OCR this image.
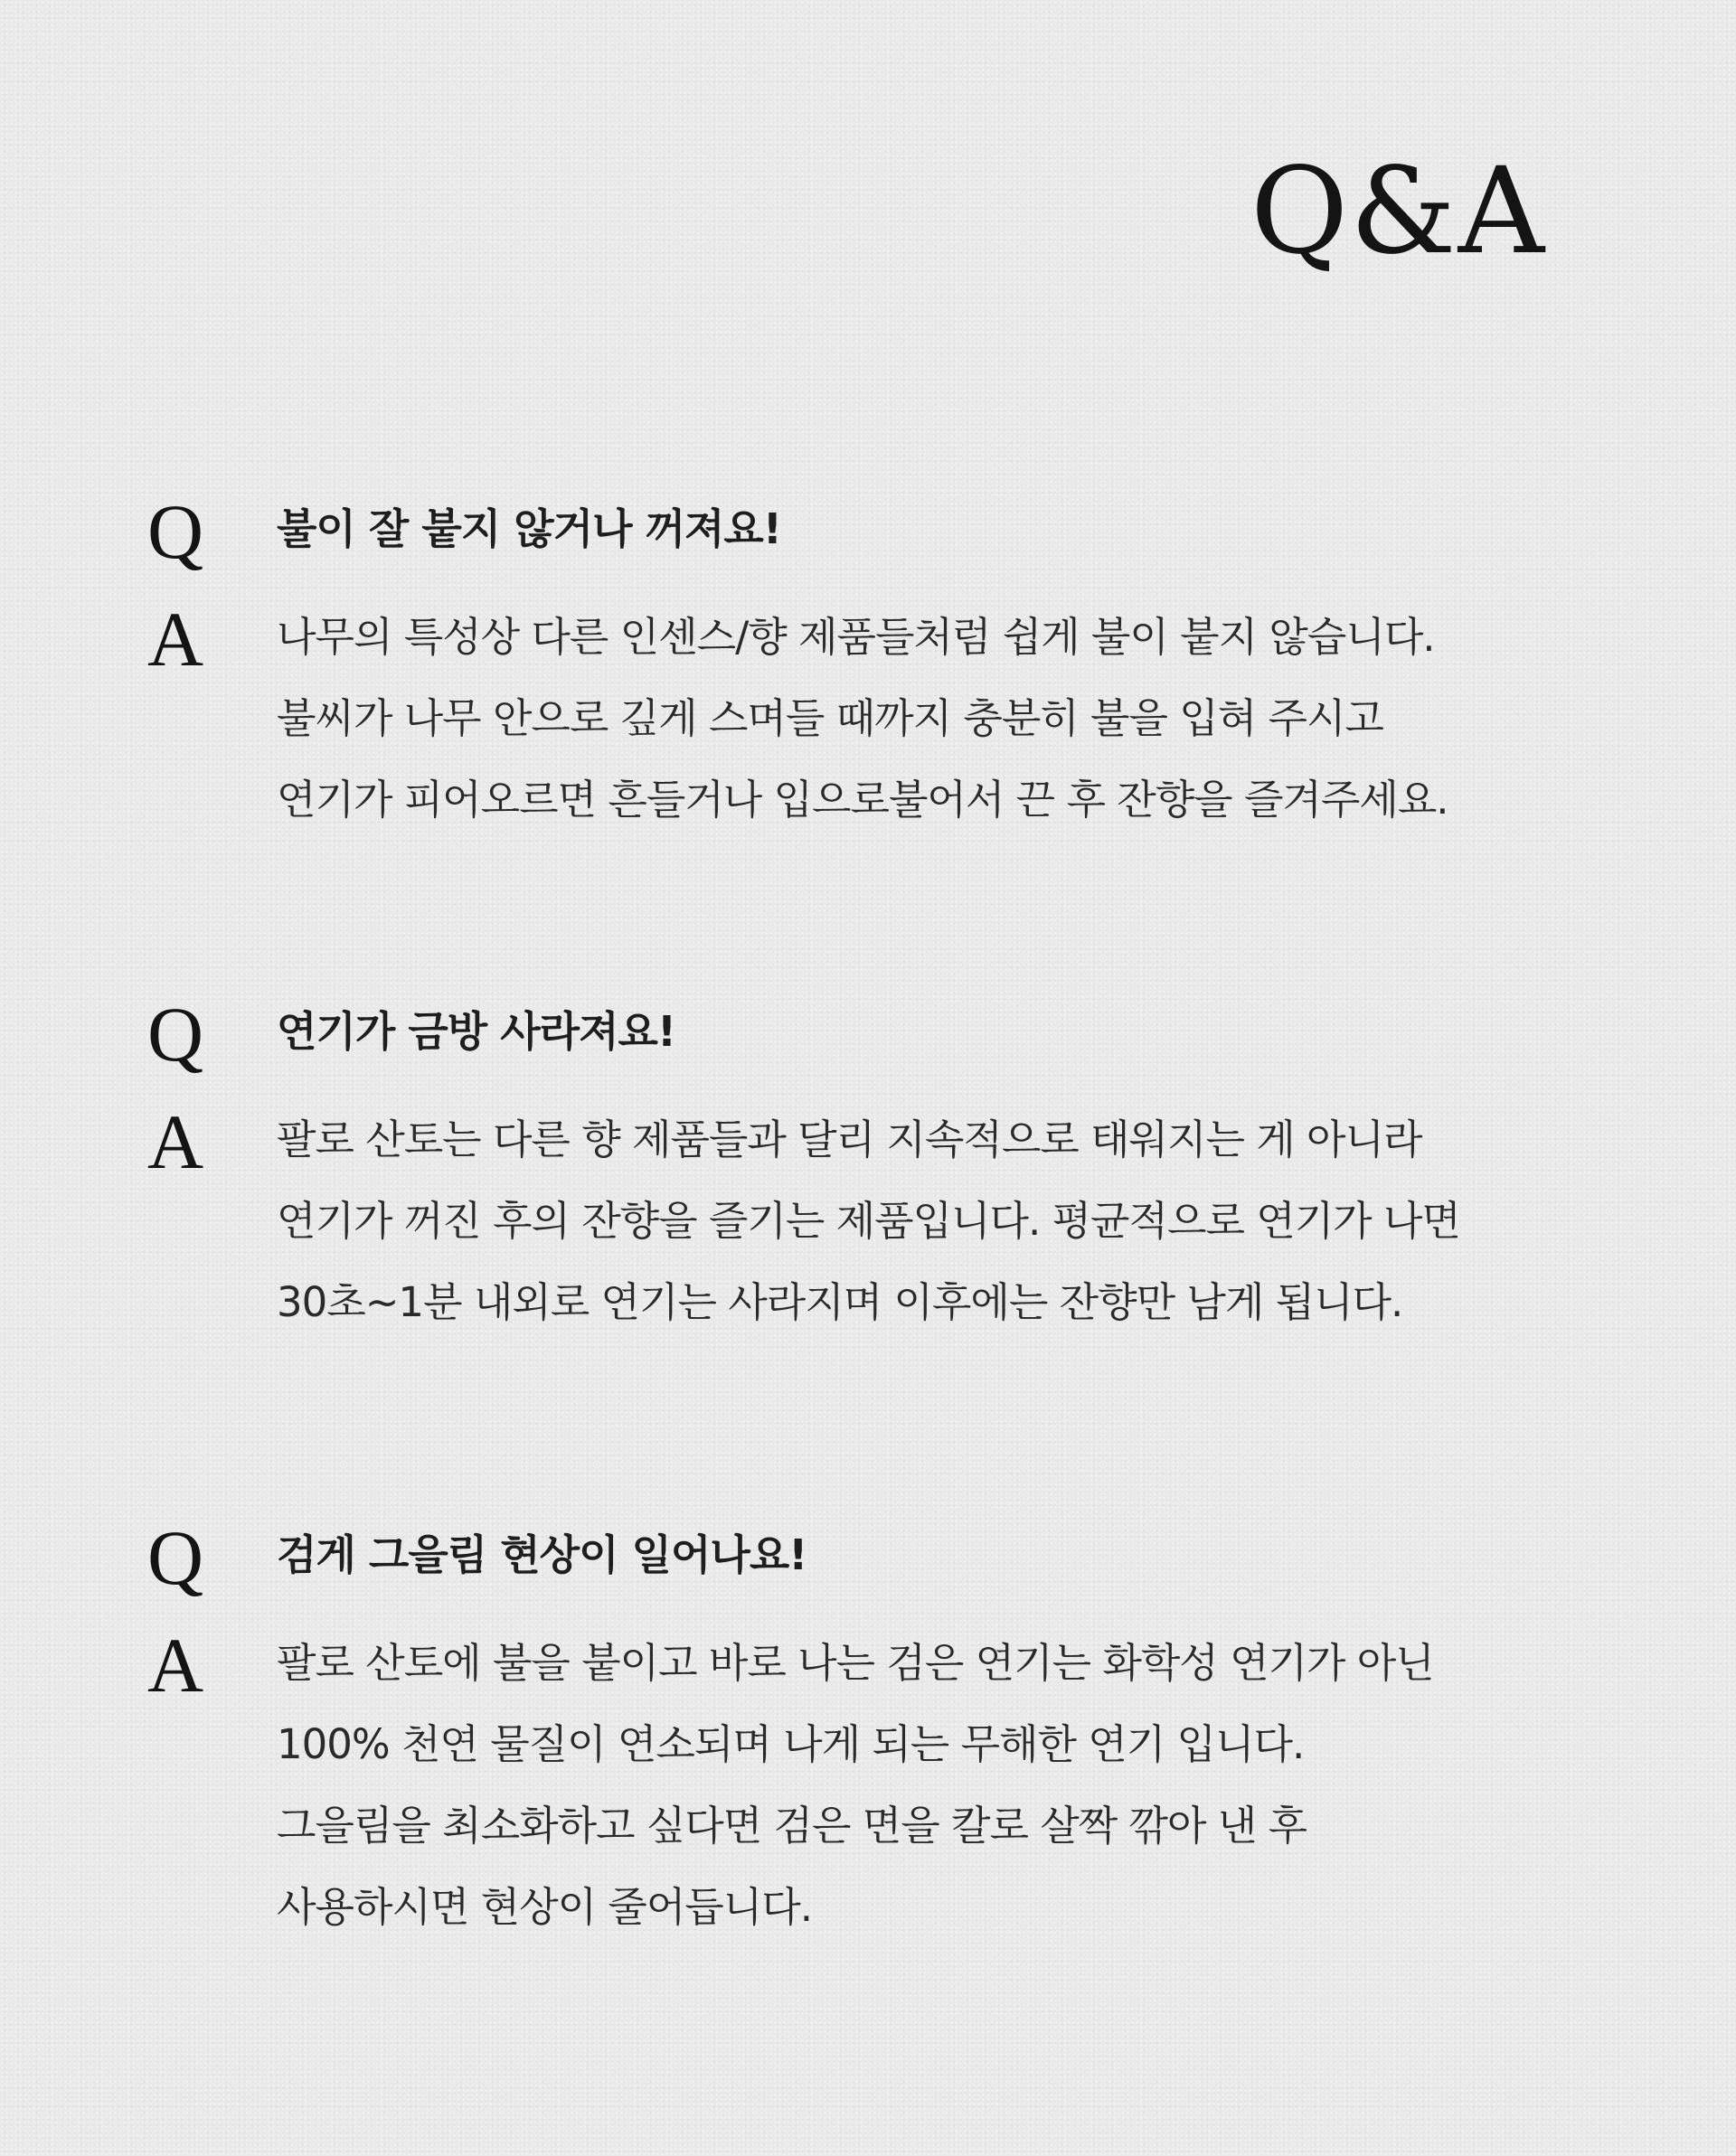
Q&A
Q 불이 잘 붙지 않거나 꺼져요!
A 나무의 특성상 다른 인센스/향 제품들처럼 쉽게 불이 붙지 않습니다.
불씨가 나무 안으로 깊게 스며들 때까지 충분히 불을 입혀 주시고
연기가 피어오르면 흔들거나 입으로불어서 끈 후 잔향을 즐겨주세요.
Q 연기가 금방 사라져요!
A 팔로 산토는 다른 향 제품들과 달리 지속적으로 태워지는 게 아니라
연기가 꺼진 후의 잔향을 즐기는 제품입니다. 평균적으로 연기가 나면
30초~1분 내외로 연기는 사라지며 이후에는 잔향만 남게 됩니다.
Q 검게 그을림 현상이 일어나요!
A 팔로 산토에 불을 붙이고 바로 나는 검은 연기는 화학성 연기가 아닌
100% 천연 물질이 연소되며 나게 되는 무해한 연기 입니다.
그을림을 최소화하고 싶다면 검은 면을 칼로 살짝 깎아 낸 후
사용하시면 현상이 줄어듭니다.
